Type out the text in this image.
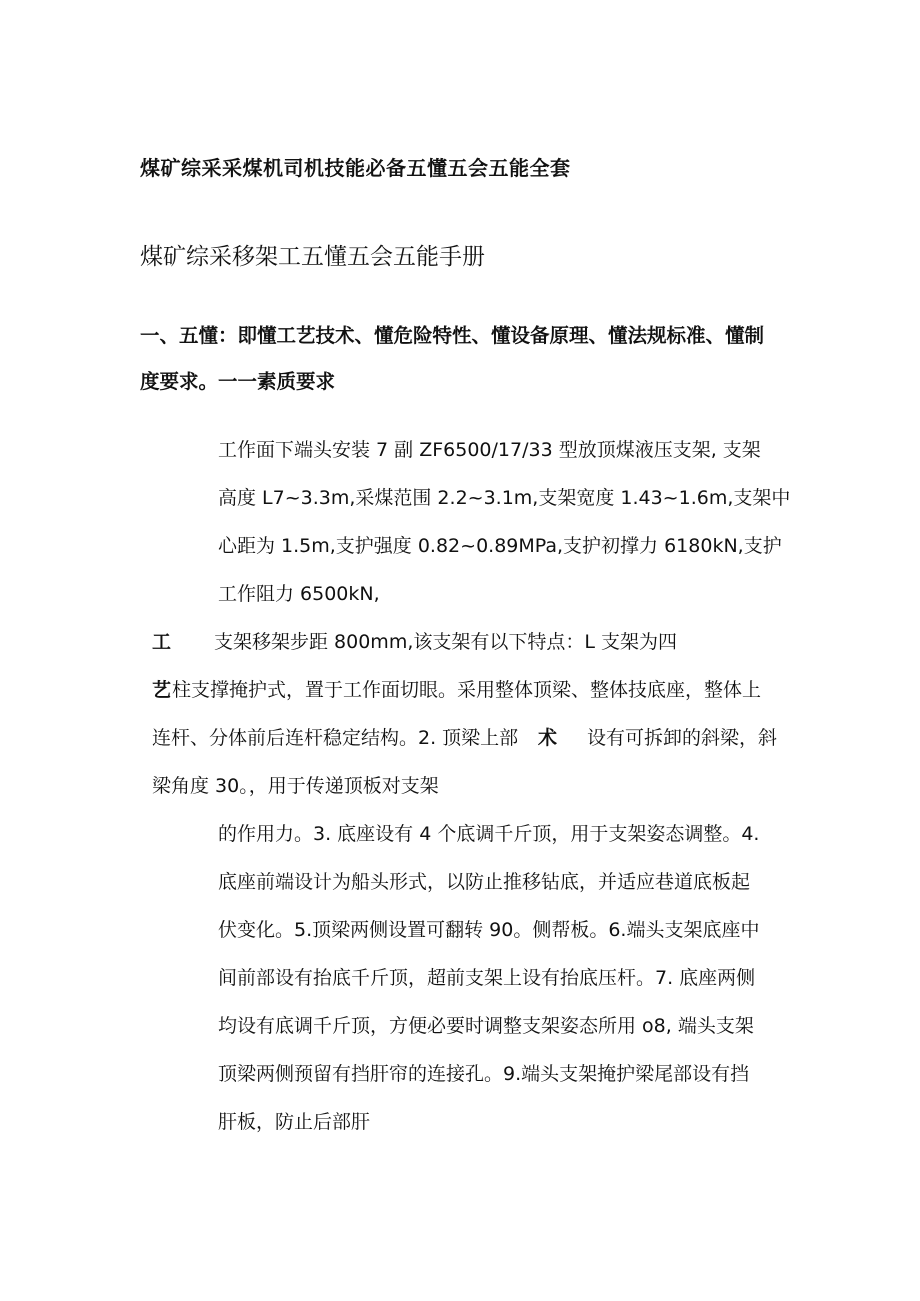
煤矿综采采煤机司机技能必备五懂五会五能全套
煤矿综采移架工五懂五会五能手册
一、五懂：即懂工艺技术、懂危险特性、懂设备原理、懂法规标准、懂制
度要求。一一素质要求
工作面下端头安装 7 副 ZF6500/17/33 型放顶煤液压支架, 支架
高度 L7~3.3m,采煤范围 2.2~3.1m,支架宽度 1.43~1.6m,支架中
心距为 1.5m,支护强度 0.82~0.89MPa,支护初撑力 6180kN,支护
工作阻力 6500kN,
工 支架移架步距 800mm,该支架有以下特点：L 支架为四
艺 柱支撑掩护式，置于工作面切眼。采用整体顶梁、整体技底座，整体上
连杆、分体前后连杆稳定结构。2. 顶梁上部 术 设有可拆卸的斜梁，斜
梁角度 30。，用于传递顶板对支架
的作用力。3. 底座设有 4 个底调千斤顶，用于支架姿态调整。4.
底座前端设计为船头形式，以防止推移钻底，并适应巷道底板起
伏变化。5.顶梁两侧设置可翻转 90。侧帮板。6.端头支架底座中
间前部设有抬底千斤顶，超前支架上设有抬底压杆。7. 底座两侧
均设有底调千斤顶，方便必要时调整支架姿态所用 o8, 端头支架
顶梁两侧预留有挡肝帘的连接孔。9.端头支架掩护梁尾部设有挡
肝板，防止后部肝
